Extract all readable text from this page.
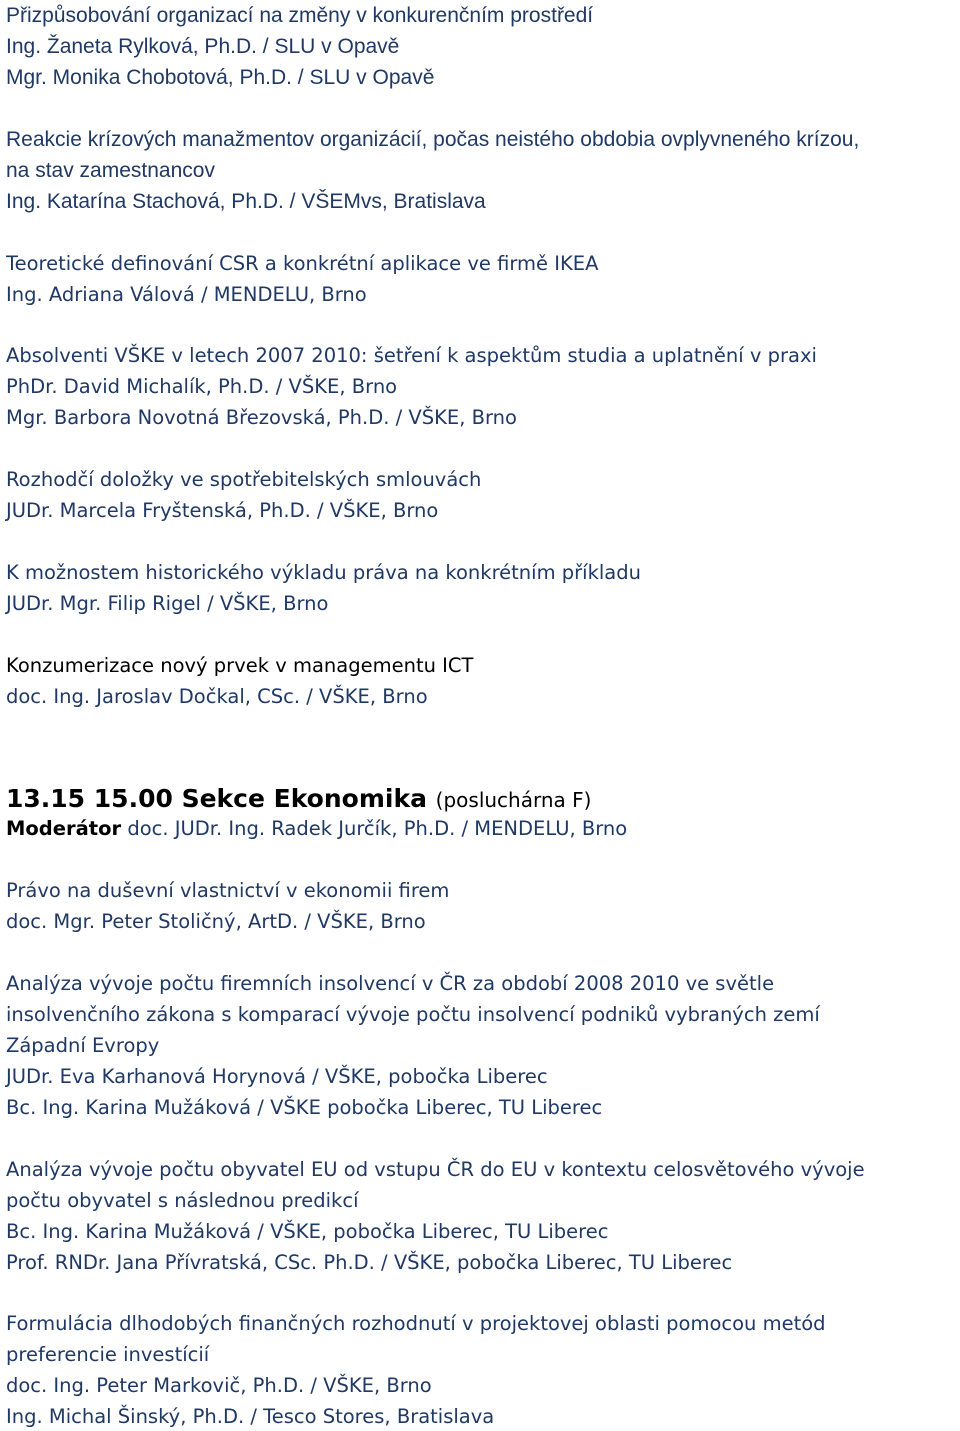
Přizpůsobování organizací na změny v konkurenčním prostředí
Ing. Žaneta Rylková, Ph.D. / SLU v Opavě
Mgr. Monika Chobotová, Ph.D. / SLU v Opavě
Reakcie krízových manažmentov organizácií, počas neistého obdobia ovplyvneného krízou,
na stav zamestnancov
Ing. Katarína Stachová, Ph.D. / VŠEMvs, Bratislava
Teoretické definování CSR a konkrétní aplikace ve firmě IKEA
Ing. Adriana Válová / MENDELU, Brno
Absolventi VŠKE v letech 2007 2010: šetření k aspektům studia a uplatnění v praxi
PhDr. David Michalík, Ph.D. / VŠKE, Brno
Mgr. Barbora Novotná Březovská, Ph.D. / VŠKE, Brno
Rozhodčí doložky ve spotřebitelských smlouvách
JUDr. Marcela Fryštenská, Ph.D. / VŠKE, Brno
K možnostem historického výkladu práva na konkrétním příkladu
JUDr. Mgr. Filip Rigel / VŠKE, Brno
Konzumerizace nový prvek v managementu ICT
doc. Ing. Jaroslav Dočkal, CSc. / VŠKE, Brno
13.15 15.00 Sekce Ekonomika (posluchárna F)
Moderátor doc. JUDr. Ing. Radek Jurčík, Ph.D. / MENDELU, Brno
Právo na duševní vlastnictví v ekonomii firem
doc. Mgr. Peter Stoličný, ArtD. / VŠKE, Brno
Analýza vývoje počtu firemních insolvencí v ČR za období 2008 2010 ve světle
insolvenčního zákona s komparací vývoje počtu insolvencí podniků vybraných zemí
Západní Evropy
JUDr. Eva Karhanová Horynová / VŠKE, pobočka Liberec
Bc. Ing. Karina Mužáková / VŠKE pobočka Liberec, TU Liberec
Analýza vývoje počtu obyvatel EU od vstupu ČR do EU v kontextu celosvětového vývoje
počtu obyvatel s následnou predikcí
Bc. Ing. Karina Mužáková / VŠKE, pobočka Liberec, TU Liberec
Prof. RNDr. Jana Přívratská, CSc. Ph.D. / VŠKE, pobočka Liberec, TU Liberec
Formulácia dlhodobých finančných rozhodnutí v projektovej oblasti pomocou metód
preferencie investícií
doc. Ing. Peter Markovič, Ph.D. / VŠKE, Brno
Ing. Michal Šinský, Ph.D. / Tesco Stores, Bratislava
